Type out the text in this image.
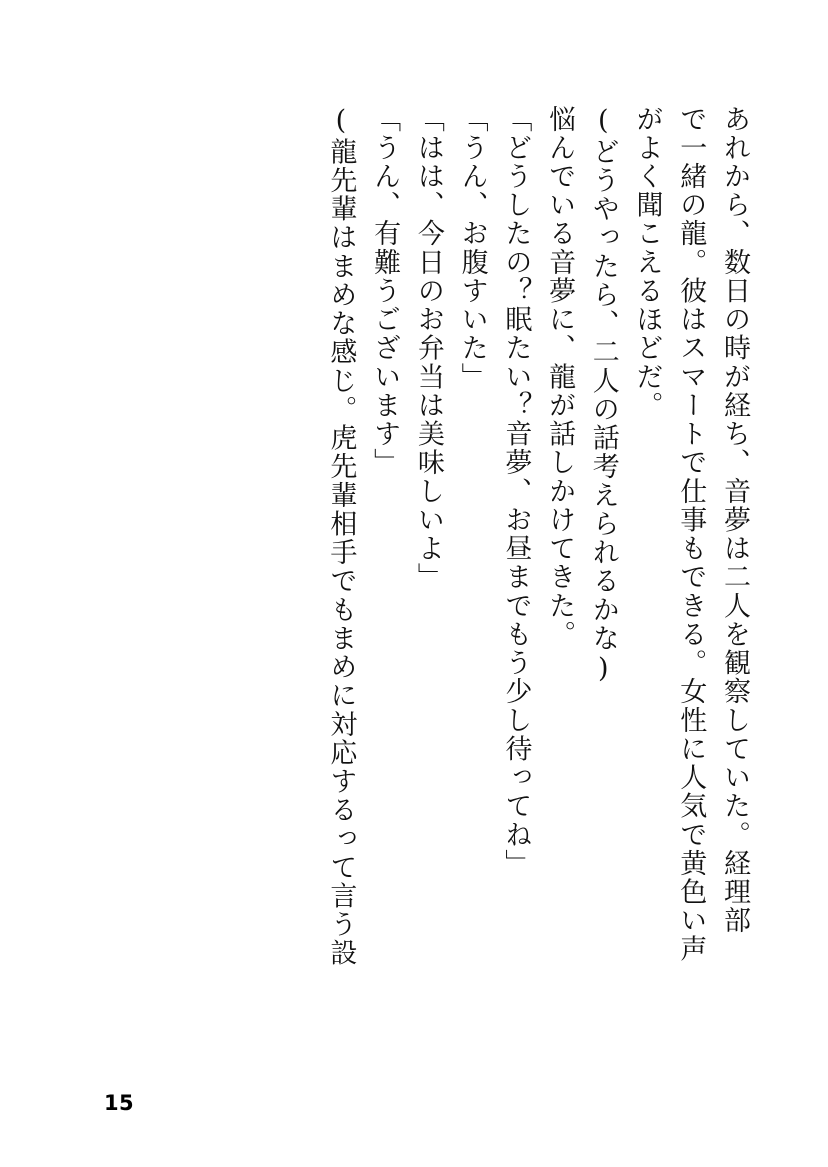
あれから、数日の時が経ち、音夢は二人を観察していた。経理部
で一緒の龍。彼はスマートで仕事もできる。女性に人気で黄色い声
がよく聞こえるほどだ。
(どうやったら、二人の話考えられるかな)
悩んでいる音夢に、龍が話しかけてきた。
「どうしたの？眠たい？音夢、お昼までもう少し待ってね」
「うん、お腹すいた」
「はは、今日のお弁当は美味しいよ」
「うん、有難うございます」
(龍先輩はまめな感じ。虎先輩相手でもまめに対応するって言う設
15
